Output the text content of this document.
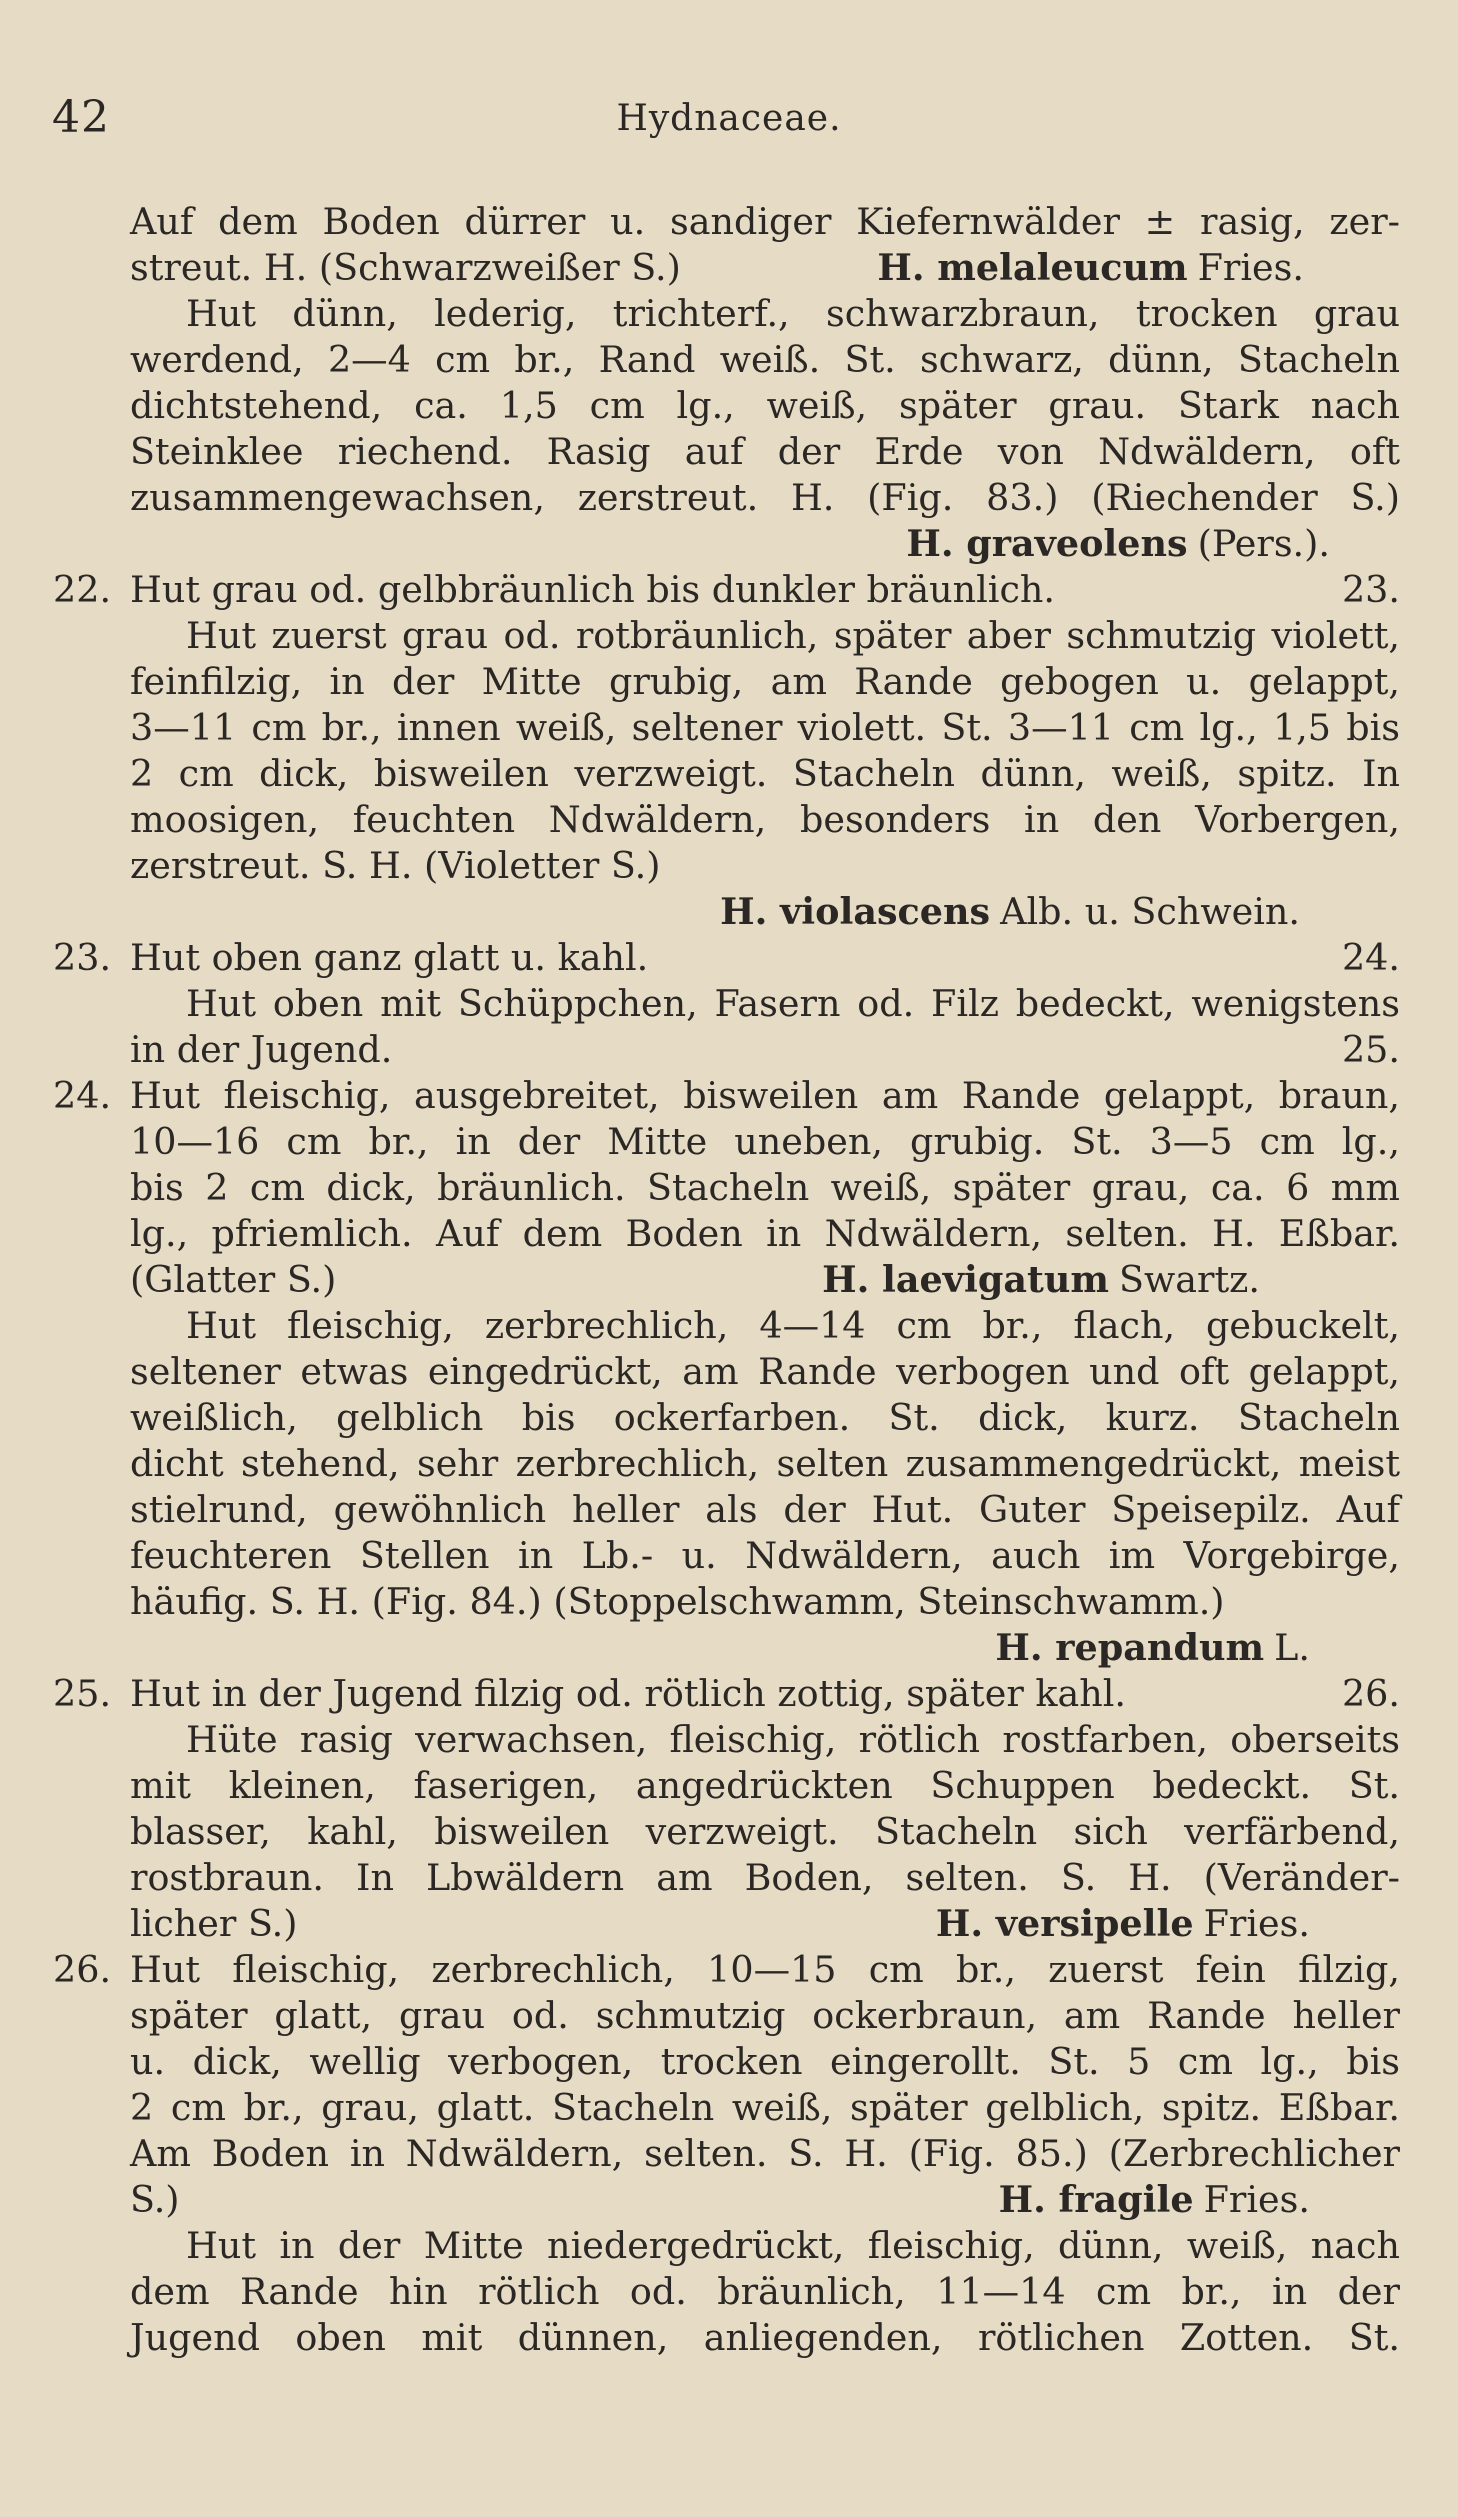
42	Hydnaceae.
Auf dem Boden dürrer u. sandiger Kiefernwälder ± rasig, zer-
streut. H. (Schwarzweißer S.)	H. melaleucum Fries.
Hut dünn, lederig, trichterf., schwarzbraun, trocken grau
werdend, 2—4 cm br., Rand weiß. St. schwarz, dünn, Stacheln
dichtstehend, ca. 1,5 cm lg., weiß, später grau. Stark nach
Steinklee riechend. Rasig auf der Erde von Ndwäldern, oft
zusammengewachsen, zerstreut. H. (Fig. 83.) (Riechender S.)
H. graveolens (Pers.).
22. Hut grau od. gelbbräunlich bis dunkler bräunlich.	23.
Hut zuerst grau od. rotbräunlich, später aber schmutzig violett,
feinfilzig, in der Mitte grubig, am Rande gebogen u. gelappt,
3—11 cm br., innen weiß, seltener violett. St. 3—11 cm lg., 1,5 bis
2 cm dick, bisweilen verzweigt. Stacheln dünn, weiß, spitz. In
moosigen, feuchten Ndwäldern, besonders in den Vorbergen,
zerstreut. S. H. (Violetter S.)
H. violascens Alb. u. Schwein.
23. Hut oben ganz glatt u. kahl.	24.
Hut oben mit Schüppchen, Fasern od. Filz bedeckt, wenigstens
in der Jugend.	25.
24. Hut fleischig, ausgebreitet, bisweilen am Rande gelappt, braun,
10—16 cm br., in der Mitte uneben, grubig. St. 3—5 cm lg.,
bis 2 cm dick, bräunlich. Stacheln weiß, später grau, ca. 6 mm
lg., pfriemlich. Auf dem Boden in Ndwäldern, selten. H. Eßbar.
(Glatter S.)	H. laevigatum Swartz.
Hut fleischig, zerbrechlich, 4—14 cm br., flach, gebuckelt,
seltener etwas eingedrückt, am Rande verbogen und oft gelappt,
weißlich, gelblich bis ockerfarben. St. dick, kurz. Stacheln
dicht stehend, sehr zerbrechlich, selten zusammengedrückt, meist
stielrund, gewöhnlich heller als der Hut. Guter Speisepilz. Auf
feuchteren Stellen in Lb.- u. Ndwäldern, auch im Vorgebirge,
häufig. S. H. (Fig. 84.) (Stoppelschwamm, Steinschwamm.)
H. repandum L.
25. Hut in der Jugend filzig od. rötlich zottig, später kahl.	26.
Hüte rasig verwachsen, fleischig, rötlich rostfarben, oberseits
mit kleinen, faserigen, angedrückten Schuppen bedeckt. St.
blasser, kahl, bisweilen verzweigt. Stacheln sich verfärbend,
rostbraun. In Lbwäldern am Boden, selten. S. H. (Veränder-
licher S.)	H. versipelle Fries.
26. Hut fleischig, zerbrechlich, 10—15 cm br., zuerst fein filzig,
später glatt, grau od. schmutzig ockerbraun, am Rande heller
u. dick, wellig verbogen, trocken eingerollt. St. 5 cm lg., bis
2 cm br., grau, glatt. Stacheln weiß, später gelblich, spitz. Eßbar.
Am Boden in Ndwäldern, selten. S. H. (Fig. 85.) (Zerbrechlicher
S.)	H. fragile Fries.
Hut in der Mitte niedergedrückt, fleischig, dünn, weiß, nach
dem Rande hin rötlich od. bräunlich, 11—14 cm br., in der
Jugend oben mit dünnen, anliegenden, rötlichen Zotten. St.
